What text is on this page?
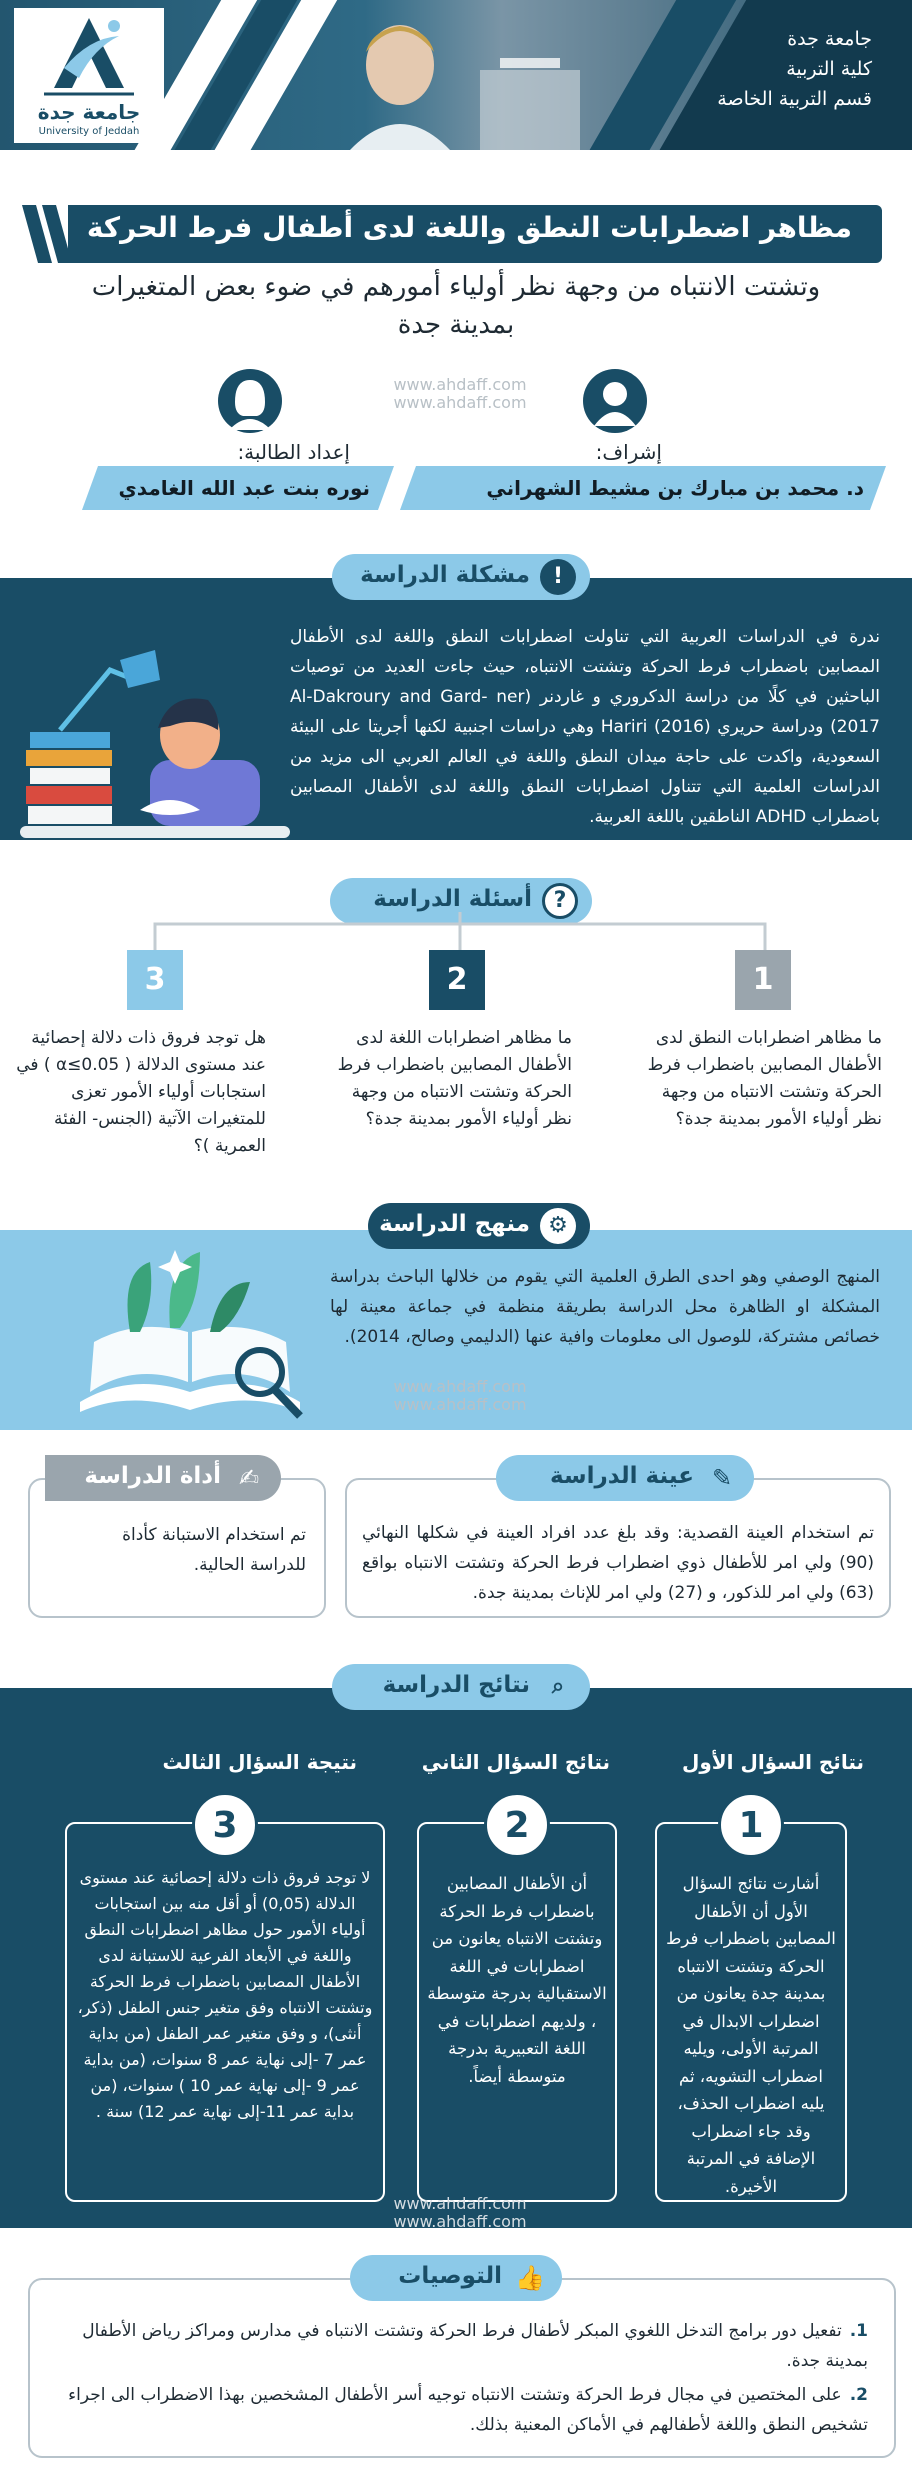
جامعة جدة
University of Jeddah
جامعة جدة
كلية التربية
قسم التربية الخاصة
مظاهر اضطرابات النطق واللغة لدى أطفال فرط الحركة
وتشتت الانتباه من وجهة نظر أولياء أمورهم في ضوء بعض المتغيرات بمدينة جدة
www.ahdaff.com
www.ahdaff.com
إشراف:
إعداد الطالبة:
د. محمد بن مبارك بن مشيط الشهراني
نوره بنت عبد الله الغامدي
!
مشكلة الدراسة
ندرة في الدراسات العربية التي تناولت اضطرابات النطق واللغة لدى الأطفال المصابين باضطراب فرط الحركة وتشتت الانتباه، حيث جاءت العديد من توصيات الباحثين في كلًا من دراسة الدكروري و غاردنر (Al-Dakroury and Gard- ner 2017) ودراسة حريري (2016) Hariri وهي دراسات اجنبية لكنها أجريتا على البيئة السعودية، واكدت على حاجة ميدان النطق واللغة في العالم العربي الى مزيد من الدراسات العلمية التي تتناول اضطرابات النطق واللغة لدى الأطفال المصابين باضطراب ADHD الناطقين باللغة العربية.
?
أسئلة الدراسة
1
2
3
ما مظاهر اضطرابات النطق لدى الأطفال المصابين باضطراب فرط الحركة وتشتت الانتباه من وجهة نظر أولياء الأمور بمدينة جدة؟
ما مظاهر اضطرابات اللغة لدى الأطفال المصابين باضطراب فرط الحركة وتشتت الانتباه من وجهة نظر أولياء الأمور بمدينة جدة؟
هل توجد فروق ذات دلالة إحصائية عند مستوى الدلالة ( α≤0.05 ) في استجابات أولياء الأمور تعزى للمتغيرات الآتية (الجنس- الفئة العمرية )؟
⚙
منهج الدراسة
المنهج الوصفي وهو احدى الطرق العلمية التي يقوم من خلالها الباحث بدراسة المشكلة او الظاهرة محل الدراسة بطريقة منظمة في جماعة معينة لها خصائص مشتركة، للوصول الى معلومات وافية عنها (الدليمي وصالح، 2014).
www.ahdaff.com
www.ahdaff.com
✎
عينة الدراسة
تم استخدام العينة القصدية: وقد بلغ عدد افراد العينة في شكلها النهائي (90) ولي امر للأطفال ذوي اضطراب فرط الحركة وتشتت الانتباه بواقع (63) ولي امر للذكور، و (27) ولي امر للإناث بمدينة جدة.
✍
أداة الدراسة
تم استخدام الاستبانة كأداة للدراسة الحالية.
⌕
نتائج الدراسة
نتائج السؤال الأول
نتائج السؤال الثاني
نتيجة السؤال الثالث
1
2
3
أشارت نتائج السؤال الأول أن الأطفال المصابين باضطراب فرط الحركة وتشتت الانتباه بمدينة جدة يعانون من اضطراب الابدال في المرتبة الأولى، ويليه اضطراب التشويه، ثم يليه اضطراب الحذف، وقد جاء اضطراب الإضافة في المرتبة الأخيرة.
أن الأطفال المصابين باضطراب فرط الحركة وتشتت الانتباه يعانون من اضطرابات في اللغة الاستقبالية بدرجة متوسطة ، ولديهم اضطرابات في اللغة التعبيرية بدرجة متوسطة أيضاً.
لا توجد فروق ذات دلالة إحصائية عند مستوى الدلالة (0,05) أو أقل منه بين استجابات أولياء الأمور حول مظاهر اضطرابات النطق واللغة في الأبعاد الفرعية للاستبانة لدى الأطفال المصابين باضطراب فرط الحركة وتشتت الانتباه وفق متغير جنس الطفل (ذكر، أنثى)، و وفق متغير عمر الطفل (من بداية عمر 7 -إلى نهاية عمر 8 سنوات، (من بداية عمر 9 -إلى نهاية عمر 10 ) سنوات، (من بداية عمر 11-إلى نهاية عمر 12) سنة .
www.ahdaff.com
www.ahdaff.com
👍
التوصيات
1.تفعيل دور برامج التدخل اللغوي المبكر لأطفال فرط الحركة وتشتت الانتباه في مدارس ومراكز رياض الأطفال بمدينة جدة.
2.على المختصين في مجال فرط الحركة وتشتت الانتباه توجيه أسر الأطفال المشخصين بهذا الاضطراب الى اجراء تشخيص النطق واللغة لأطفالهم في الأماكن المعنية بذلك.
